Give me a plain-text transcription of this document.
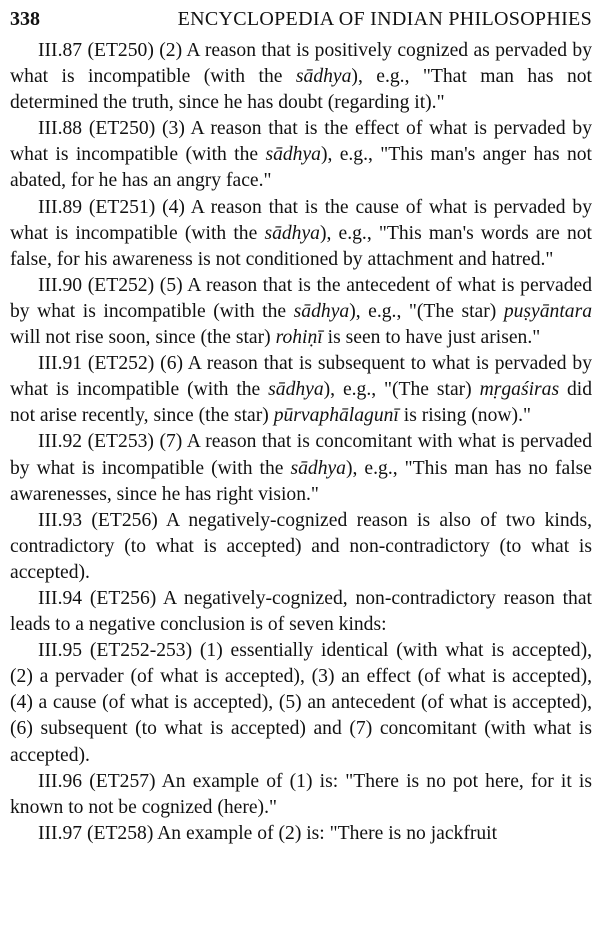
338	ENCYCLOPEDIA OF INDIAN PHILOSOPHIES

III.87 (ET250) (2) A reason that is positively cognized as pervaded by what is incompatible (with the sādhya), e.g., "That man has not determined the truth, since he has doubt (regarding it)."

III.88 (ET250) (3) A reason that is the effect of what is pervaded by what is incompatible (with the sādhya), e.g., "This man's anger has not abated, for he has an angry face."

III.89 (ET251) (4) A reason that is the cause of what is pervaded by what is incompatible (with the sādhya), e.g., "This man's words are not false, for his awareness is not conditioned by attachment and hatred."

III.90 (ET252) (5) A reason that is the antecedent of what is pervaded by what is incompatible (with the sādhya), e.g., "(The star) puṣyāntara will not rise soon, since (the star) rohiṇī is seen to have just arisen."

III.91 (ET252) (6) A reason that is subsequent to what is pervaded by what is incompatible (with the sādhya), e.g., "(The star) mṛgaśiras did not arise recently, since (the star) pūrvaphālagunī is rising (now)."

III.92 (ET253) (7) A reason that is concomitant with what is pervaded by what is incompatible (with the sādhya), e.g., "This man has no false awarenesses, since he has right vision."

III.93 (ET256) A negatively-cognized reason is also of two kinds, contradictory (to what is accepted) and non-contradictory (to what is accepted).

III.94 (ET256) A negatively-cognized, non-contradictory reason that leads to a negative conclusion is of seven kinds:

III.95 (ET252-253) (1) essentially identical (with what is accepted), (2) a pervader (of what is accepted), (3) an effect (of what is accepted), (4) a cause (of what is accepted), (5) an antecedent (of what is accepted), (6) subsequent (to what is accepted) and (7) concomitant (with what is accepted).

III.96 (ET257) An example of (1) is: "There is no pot here, for it is known to not be cognized (here)."

III.97 (ET258) An example of (2) is: "There is no jackfruit
